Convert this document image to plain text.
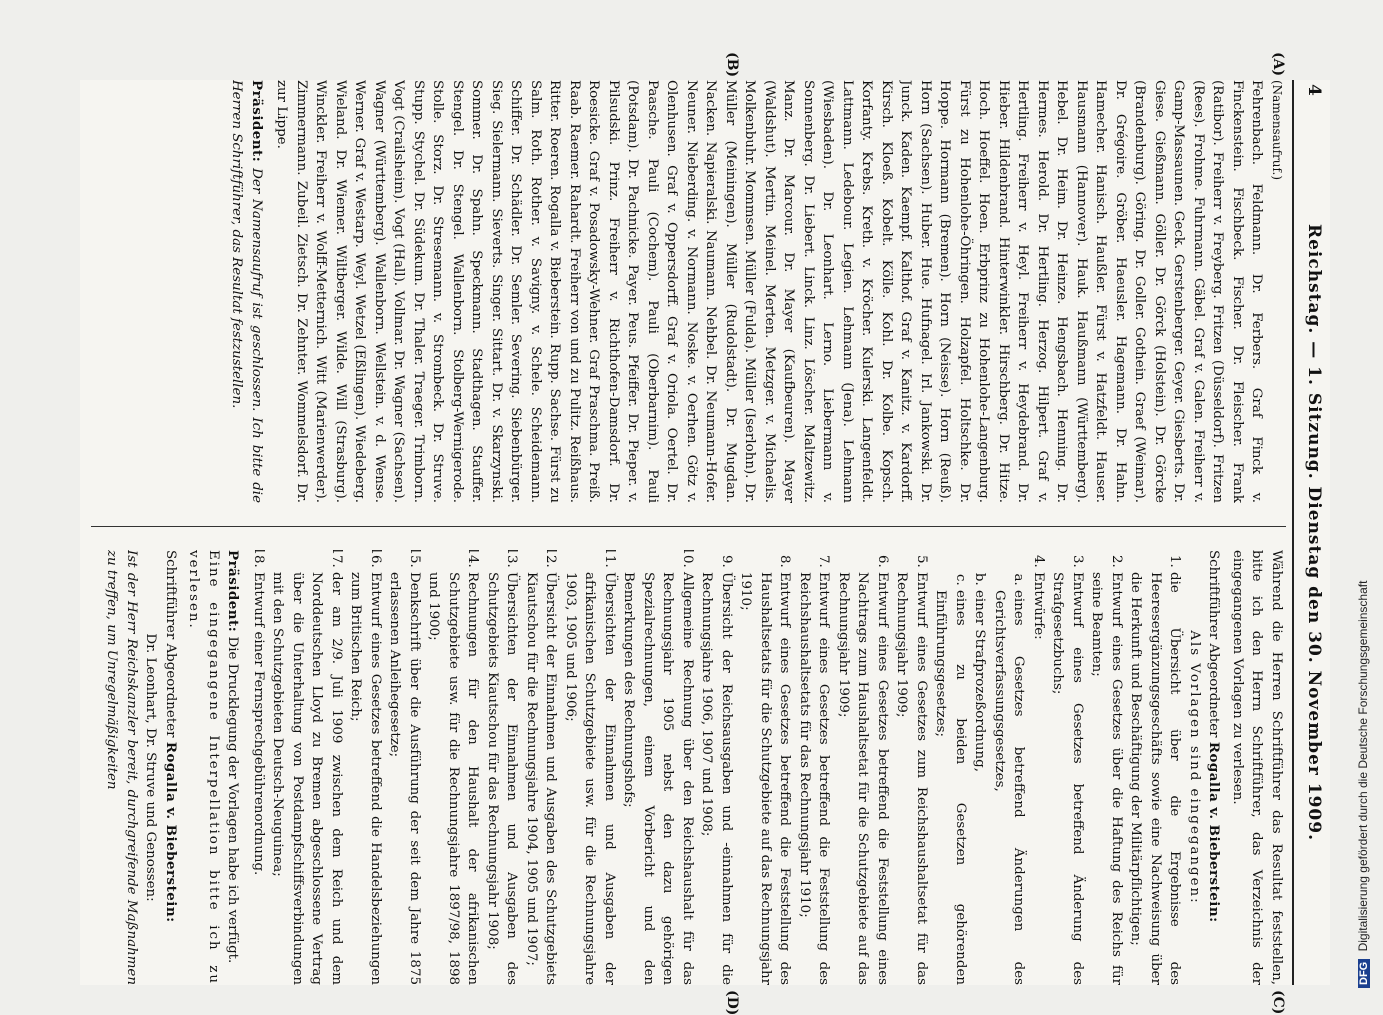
4
Reichstag. — 1. Sitzung. Dienstag den 30. November 1909.
(A)
(B)
(C)
(D)

(Namensaufruf.)

Fehrenbach. Feldmann. Dr. Ferbers. Graf Finck v. Finckenstein. Fischbeck. Fischer. Dr. Fleischer. Frank (Ratibor). Freiherr v. Freyberg. Fritzen (Düsseldorf). Fritzen (Rees). Frohme. Fuhrmann. Gäbel. Graf v. Galen. Freiherr v. Gamp-Massaunen. Geck. Gerstenberger. Geyer. Giesberts. Dr. Giese. Gießmann. Göller. Dr. Görck (Holstein). Dr. Görcke (Brandenburg). Göring. Dr. Goller. Gothein. Graef (Weimar). Dr. Grégoire. Gröber. Haeusler. Hagemann. Dr. Hahn. Hamecher. Hanisch. Haußler. Fürst v. Hatzfeldt. Hauser. Hausmann (Hannover). Hauk. Haußmann (Württemberg). Hebel. Dr. Heim. Dr. Heinze. Hengsbach. Henning. Dr. Hermes. Herold. Dr. Hertling. Herzog. Hilpert. Graf v. Hertling. Freiherr v. Heyl. Freiherr v. Heydebrand. Dr. Hieber. Hildenbrand. Hinterwinkler. Hirschberg. Dr. Hitze. Hoch. Hoeffel. Hoen. Erbprinz zu Hohenlohe-Langenburg. Fürst zu Hohenlohe-Öhringen. Holzapfel. Holtschke. Dr. Hoppe. Hormann (Bremen). Horn (Neisse). Horn (Reuß). Horn (Sachsen). Huber. Hue. Hufnagel. Irl. Jankowski. Dr. Junck. Kaden. Kaempf. Kalthof. Graf v. Kanitz. v. Kardorff. Kirsch. Kloeß. Kobelt. Kölle. Kohl. Dr. Kolbe. Kopsch. Korfanty. Krebs. Kreth. v. Kröcher. Kulerski. Langenfeldt. Lattmann. Ledebour. Legien. Lehmann (Jena). Lehmann (Wiesbaden). Dr. Leonhart. Lerno. Liebermann v. Sonnenberg. Dr. Liebert. Linck. Linz. Löscher. Maltzewitz. Manz. Dr. Marcour. Dr. Mayer (Kaufbeuren). Mayer (Waldshut). Mertin. Meinel. Merten. Metzger. v. Michaelis. Molkenbuhr. Mommsen. Müller (Fulda). Müller (Iserlohn). Dr. Müller (Meiningen). Müller (Rudolstadt). Dr. Mugdan. Nacken. Napieralski. Naumann. Nehbel. Dr. Neumann-Hofer. Neuner. Nieberding. v. Normann. Noske. v. Oerhen. Götz v. Olenhusen. Graf v. Oppersdorff. Graf v. Oriola. Oertel. Dr. Paasche. Pauli (Cochem). Pauli (Oberbarnim). Pauli (Potsdam). Dr. Pachnicke. Payer. Peus. Pfeiffer. Dr. Pieper. v. Pilsudski. Prinz. Freiherr v. Richthofen-Damsdorf. Dr. Roesicke. Graf v. Posadowsky-Wehner. Graf Praschma. Preiß. Raab. Raemer. Rahardt. Freiherr von und zu Pulitz. Reißhaus. Ritter. Roeren. Rogalla v. Bieberstein. Rupp. Sachse. Fürst zu Salm. Roth. Rother. v. Savigny. v. Schele. Scheidemann. Schiffer. Dr. Schädler. Dr. Semler. Severing. Siebenbürger. Sieg. Sielermann. Sieverts. Singer. Sittart. Dr. v. Skarzynski. Sommer. Dr. Spahn. Speckmann. Stadthagen. Stauffer. Stengel. Dr. Stengel. Wallenborn. Stolberg-Wernigerode. Stolle. Storz. Dr. Stresemann. v. Strombeck. Dr. Struve. Stupp. Stychel. Dr. Südekum. Dr. Thaler. Traeger. Trimborn. Vogt (Crailsheim). Vogt (Hall). Vollmar. Dr. Wagner (Sachsen). Wagner (Württemberg). Wallenborn. Wellstein. v. d. Wense. Werner. Graf v. Westarp. Weyl. Wetzel (Eßlingen). Wiedeberg. Wieland. Dr. Wiemer. Wiltberger. Wilde. Will (Strasburg). Winckler. Freiherr v. Wolff-Metternich. Witt (Marienwerder). Zimmermann. Zubeil. Zietsch. Dr. Zehnter. Wommelsdorf. Dr. zur Lippe.

Präsident: Der Namensaufruf ist geschlossen. Ich bitte die Herren Schriftführer, das Resultat festzustellen.

Während die Herren Schriftführer das Resultat feststellen, bitte ich den Herrn Schriftführer, das Verzeichnis der eingegangenen Vorlagen zu verlesen.

Schriftführer Abgeordneter Rogalla v. Bieberstein:

Als Vorlagen sind eingegangen:

1. die Übersicht über die Ergebnisse des Heeresergänzungsgeschäfts sowie eine Nachweisung über die Herkunft und Beschäftigung der Militärpflichtigen;
2. Entwurf eines Gesetzes über die Haftung des Reichs für seine Beamten;
3. Entwurf eines Gesetzes betreffend Änderung des Strafgesetzbuchs;
4. Entwürfe:
a. eines Gesetzes betreffend Änderungen des Gerichtsverfassungsgesetzes,
b. einer Strafprozeßordnung,
c. eines zu beiden Gesetzen gehörenden Einführungsgesetzes;
5. Entwurf eines Gesetzes zum Reichshaushaltsetat für das Rechnungsjahr 1909;
6. Entwurf eines Gesetzes betreffend die Feststellung eines Nachtrags zum Haushaltsetat für die Schutzgebiete auf das Rechnungsjahr 1909;
7. Entwurf eines Gesetzes betreffend die Feststellung des Reichshaushaltsetats für das Rechnungsjahr 1910;
8. Entwurf eines Gesetzes betreffend die Feststellung des Haushaltsetats für die Schutzgebiete auf das Rechnungsjahr 1910;
9. Übersicht der Reichsausgaben und -einnahmen für die Rechnungsjahre 1906, 1907 und 1908;
10. Allgemeine Rechnung über den Reichshaushalt für das Rechnungsjahr 1905 nebst den dazu gehörigen Spezialrechnungen, einem Vorbericht und den Bemerkungen des Rechnungshofs;
11. Übersichten der Einnahmen und Ausgaben der afrikanischen Schutzgebiete usw. für die Rechnungsjahre 1903, 1905 und 1906;
12. Übersicht der Einnahmen und Ausgaben des Schutzgebiets Kiautschou für die Rechnungsjahre 1904, 1905 und 1907;
13. Übersichten der Einnahmen und Ausgaben des Schutzgebiets Kiautschou für das Rechnungsjahr 1908;
14. Rechnungen für den Haushalt der afrikanischen Schutzgebiete usw. für die Rechnungsjahre 1897/98, 1898 und 1900;
15. Denkschrift über die Ausführung der seit dem Jahre 1875 erlassenen Anleihegesetze;
16. Entwurf eines Gesetzes betreffend die Handelsbeziehungen zum Britischen Reich;
17. der am 2/9. Juli 1909 zwischen dem Reich und dem Norddeutschen Lloyd zu Bremen abgeschlossene Vertrag über die Unterhaltung von Postdampfschiffsverbindungen mit den Schutzgebieten Deutsch-Neuguinea;
18. Entwurf einer Fernsprechgebührenordnung.

Präsident: Die Drucklegung der Vorlagen habe ich verfügt.

Eine eingegangene Interpellation bitte ich zu verlesen.

Schriftführer Abgeordneter Rogalla v. Bieberstein:

Dr. Leonhart, Dr. Struve und Genossen:

Ist der Herr Reichskanzler bereit, durchgreifende Maßnahmen zu treffen, um Unregelmäßigkeiten

DFG Digitalisierung gefördert durch die Deutsche Forschungsgemeinschaft
